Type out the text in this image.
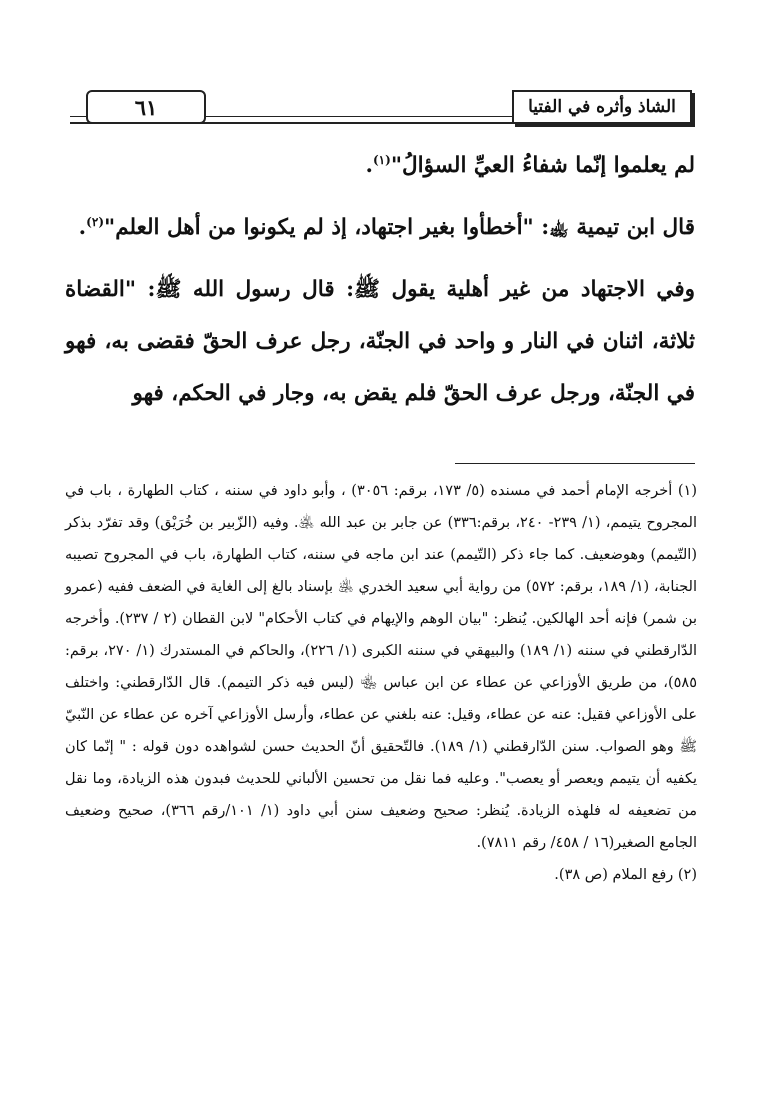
٦١	الشاذ وأثره في الفتيا

لم يعلموا إنّما شفاءُ العيِّ السؤالُ"$^{(١)}$.

قال ابن تيمية ﵀: "أخطأوا بغير اجتهاد، إذ لم يكونوا من أهل العلم"$^{(٢)}$.

وفي الاجتهاد من غير أهلية يقول ﷺ: قال رسول الله ﷺ: "القضاة ثلاثة، اثنان في النار و واحد في الجنّة، رجل عرف الحقّ فقضى به، فهو في الجنّة، ورجل عرف الحقّ فلم يقض به، وجار في الحكم، فهو

(١) أخرجه الإمام أحمد في مسنده (٥/ ١٧٣، برقم: ٣٠٥٦) ، وأبو داود في سننه ، كتاب الطهارة ، باب في المجروح يتيمم، (١/ ٢٣٩- ٢٤٠، برقم:٣٣٦) عن جابر بن عبد الله ﵁. وفيه (الزّبير بن خُرَيْق) وقد تفرّد بذكر (التّيمم) وهوضعيف. كما جاء ذكر (التّيمم) عند ابن ماجه في سننه، كتاب الطهارة، باب في المجروح تصيبه الجنابة، (١/ ١٨٩، برقم: ٥٧٢) من رواية أبي سعيد الخدري ﵁ بإسناد بالغ إلى الغاية في الضعف ففيه (عمرو بن شمر) فإنه أحد الهالكين. يُنظر: "بيان الوهم والإيهام في كتاب الأحكام" لابن القطان (٢ / ٢٣٧). وأخرجه الدّارقطني في سننه (١/ ١٨٩) والبيهقي في سننه الكبرى (١/ ٢٢٦)، والحاكم في المستدرك (١/ ٢٧٠، برقم: ٥٨٥)، من طريق الأوزاعي عن عطاء عن ابن عباس ﵄ (ليس فيه ذكر التيمم). قال الدّارقطني: واختلف على الأوزاعي فقيل: عنه عن عطاء، وقيل: عنه بلغني عن عطاء، وأرسل الأوزاعي آخره عن عطاء عن النّبيّ ﷺ وهو الصواب. سنن الدّارقطني (١/ ١٨٩). فالتّحقيق أنّ الحديث حسن لشواهده دون قوله : " إنّما كان يكفيه أن يتيمم ويعصر أو يعصب". وعليه فما نقل من تحسين الألباني للحديث فبدون هذه الزيادة، وما نقل من تضعيفه له فلهذه الزيادة. يُنظر: صحيح وضعيف سنن أبي داود (١/ ١٠١/رقم ٣٦٦)، صحيح وضعيف الجامع الصغير(١٦ / ٤٥٨/ رقم ٧٨١١).

(٢) رفع الملام (ص ٣٨).
